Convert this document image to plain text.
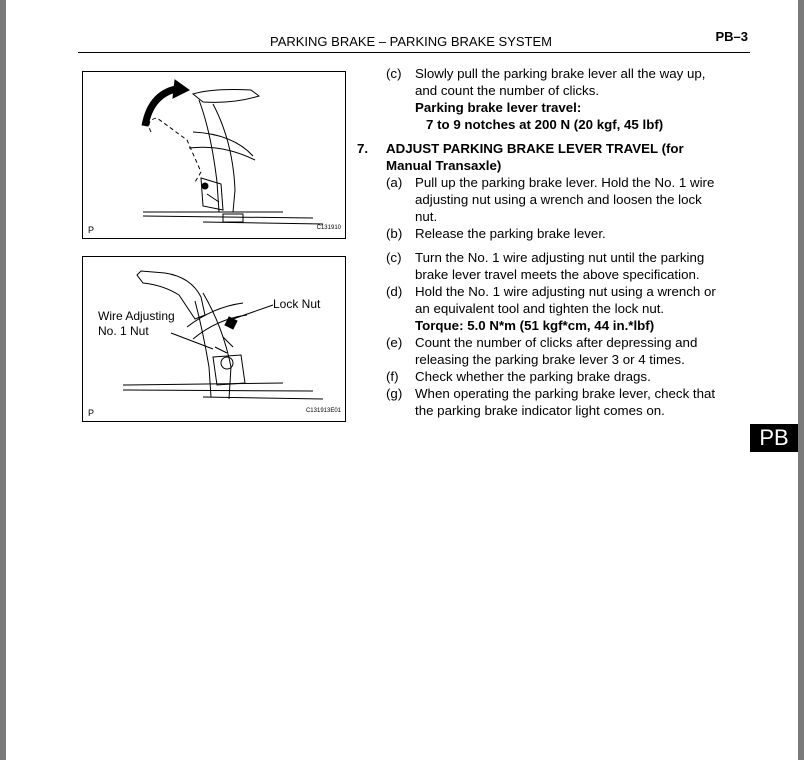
PARKING BRAKE – PARKING BRAKE SYSTEM	PB–3
P	C131910
Lock Nut
Wire Adjusting
No. 1 Nut
P	C131913E01
(c) Slowly pull the parking brake lever all the way up,
and count the number of clicks.
Parking brake lever travel:
7 to 9 notches at 200 N (20 kgf, 45 lbf)
7. ADJUST PARKING BRAKE LEVER TRAVEL (for
Manual Transaxle)
(a) Pull up the parking brake lever. Hold the No. 1 wire
adjusting nut using a wrench and loosen the lock
nut.
(b) Release the parking brake lever.
(c) Turn the No. 1 wire adjusting nut until the parking
brake lever travel meets the above specification.
(d) Hold the No. 1 wire adjusting nut using a wrench or
an equivalent tool and tighten the lock nut.
Torque: 5.0 N*m (51 kgf*cm, 44 in.*lbf)
(e) Count the number of clicks after depressing and
releasing the parking brake lever 3 or 4 times.
(f) Check whether the parking brake drags.
(g) When operating the parking brake lever, check that
the parking brake indicator light comes on.
PB
